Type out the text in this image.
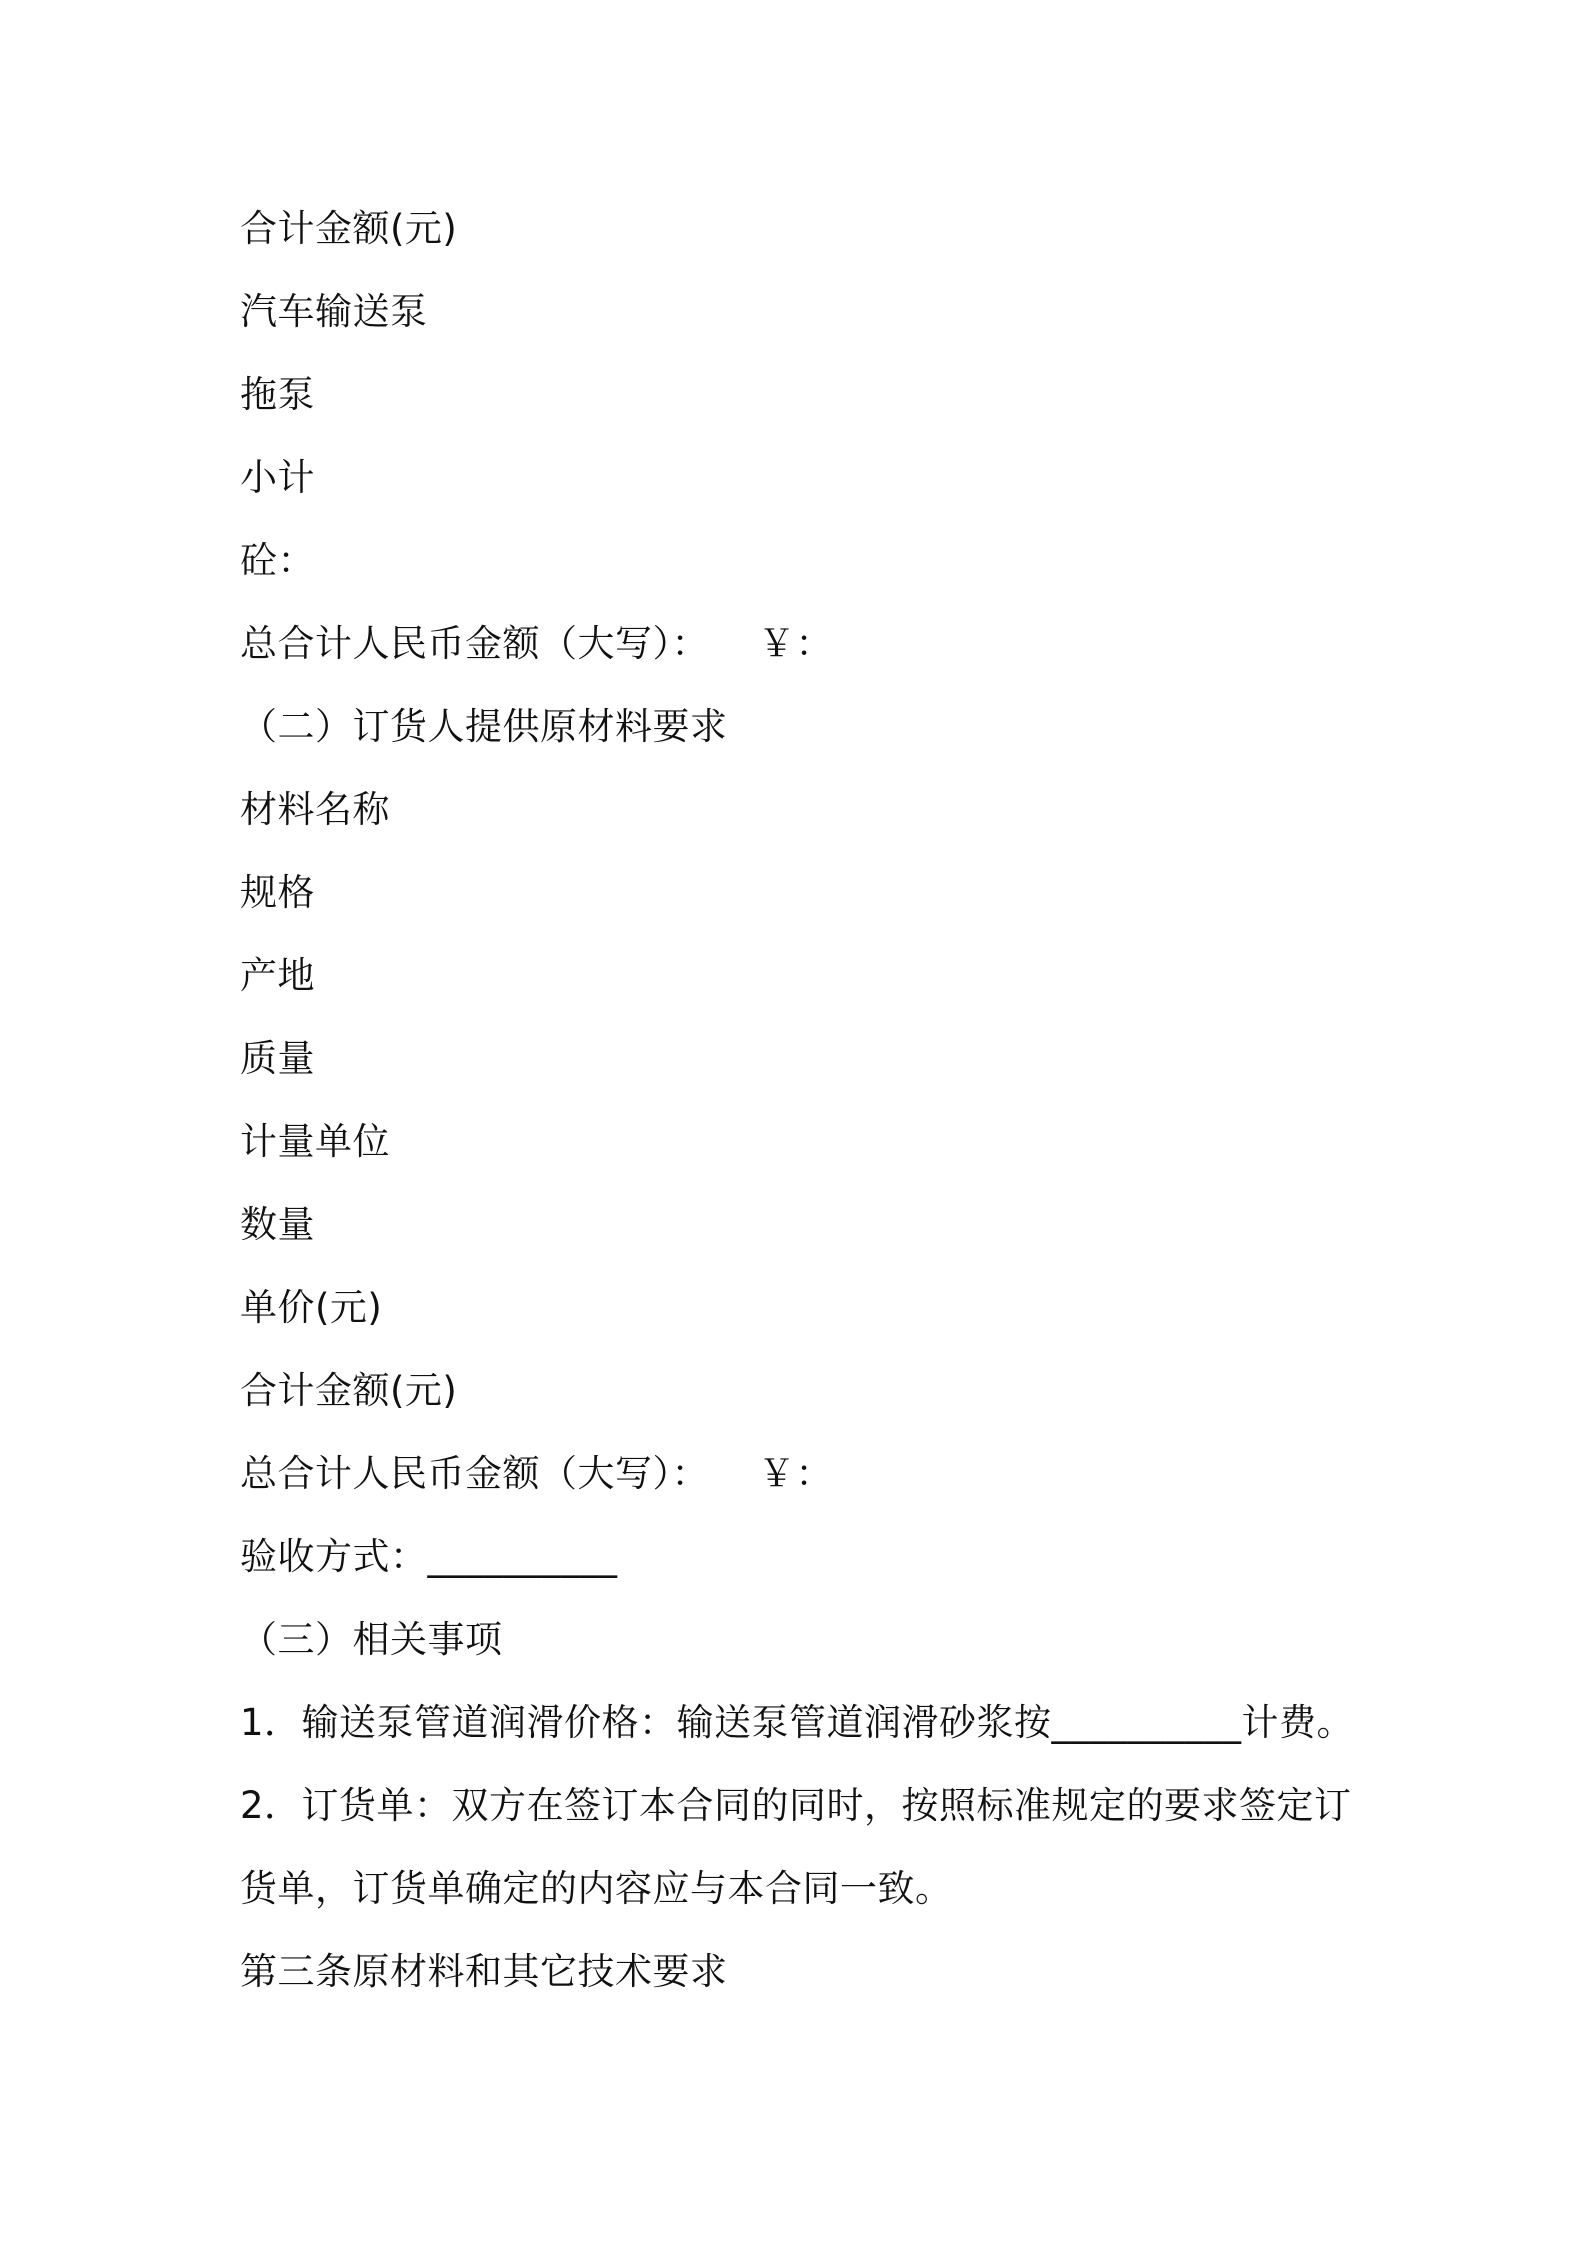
合计金额(元)
汽车输送泵
拖泵
小计
砼：
总合计人民币金额（大写）：    ￥：
（二）订货人提供原材料要求
材料名称
规格
产地
质量
计量单位
数量
单价(元)
合计金额(元)
总合计人民币金额（大写）：    ￥：
验收方式：__________
（三）相关事项
1．输送泵管道润滑价格：输送泵管道润滑砂浆按__________计费。
2．订货单：双方在签订本合同的同时，按照标准规定的要求签定订
货单，订货单确定的内容应与本合同一致。
第三条原材料和其它技术要求
